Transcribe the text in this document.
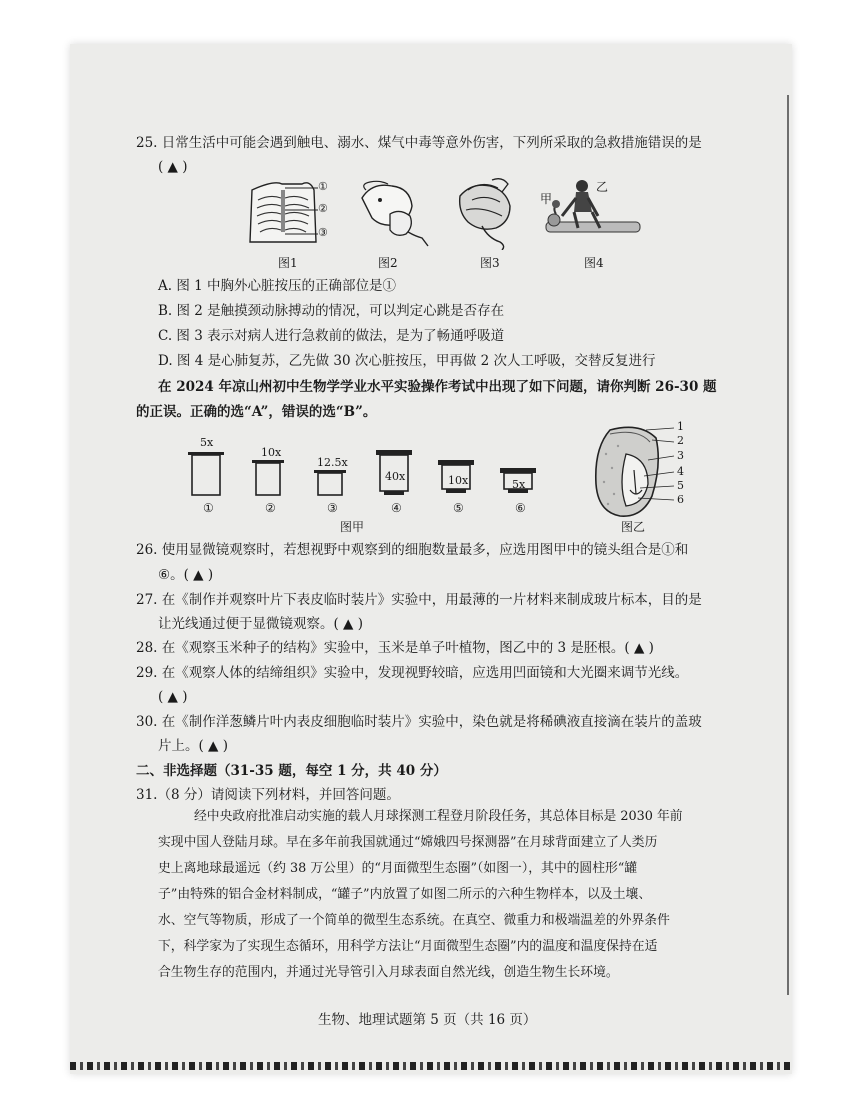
25. 日常生活中可能会遇到触电、溺水、煤气中毒等意外伤害，下列所采取的急救措施错误的是
( ▲ )
①
②
③
甲
乙
图1	图2	图3	图4
A. 图 1 中胸外心脏按压的正确部位是①
B. 图 2 是触摸颈动脉搏动的情况，可以判定心跳是否存在
C. 图 3 表示对病人进行急救前的做法，是为了畅通呼吸道
D. 图 4 是心肺复苏，乙先做 30 次心脏按压，甲再做 2 次人工呼吸，交替反复进行
在 2024 年凉山州初中生物学学业水平实验操作考试中出现了如下问题，请你判断 26-30 题
的正误。正确的选“A”，错误的选“B”。
5x
10x
12.5x
40x	10x	5x
①	②	③	④	⑤	⑥
图甲
1
2
3
4
5
6
图乙
26. 使用显微镜观察时，若想视野中观察到的细胞数量最多，应选用图甲中的镜头组合是①和
⑥。( ▲ )
27. 在《制作并观察叶片下表皮临时装片》实验中，用最薄的一片材料来制成玻片标本，目的是
让光线通过便于显微镜观察。( ▲ )
28. 在《观察玉米种子的结构》实验中，玉米是单子叶植物，图乙中的 3 是胚根。( ▲ )
29. 在《观察人体的结缔组织》实验中，发现视野较暗，应选用凹面镜和大光圈来调节光线。
( ▲ )
30. 在《制作洋葱鳞片叶内表皮细胞临时装片》实验中，染色就是将稀碘液直接滴在装片的盖玻
片上。( ▲ )
二、非选择题（31-35 题，每空 1 分，共 40 分）
31.（8 分）请阅读下列材料，并回答问题。
经中央政府批准启动实施的载人月球探测工程登月阶段任务，其总体目标是 2030 年前
实现中国人登陆月球。早在多年前我国就通过“嫦娥四号探测器”在月球背面建立了人类历
史上离地球最遥远（约 38 万公里）的“月面微型生态圈”（如图一），其中的圆柱形“罐
子”由特殊的铝合金材料制成，“罐子”内放置了如图二所示的六种生物样本，以及土壤、
水、空气等物质，形成了一个简单的微型生态系统。在真空、微重力和极端温差的外界条件
下，科学家为了实现生态循环，用科学方法让“月面微型生态圈”内的温度和温度保持在适
合生物生存的范围内，并通过光导管引入月球表面自然光线，创造生物生长环境。
生物、地理试题第 5 页（共 16 页）
